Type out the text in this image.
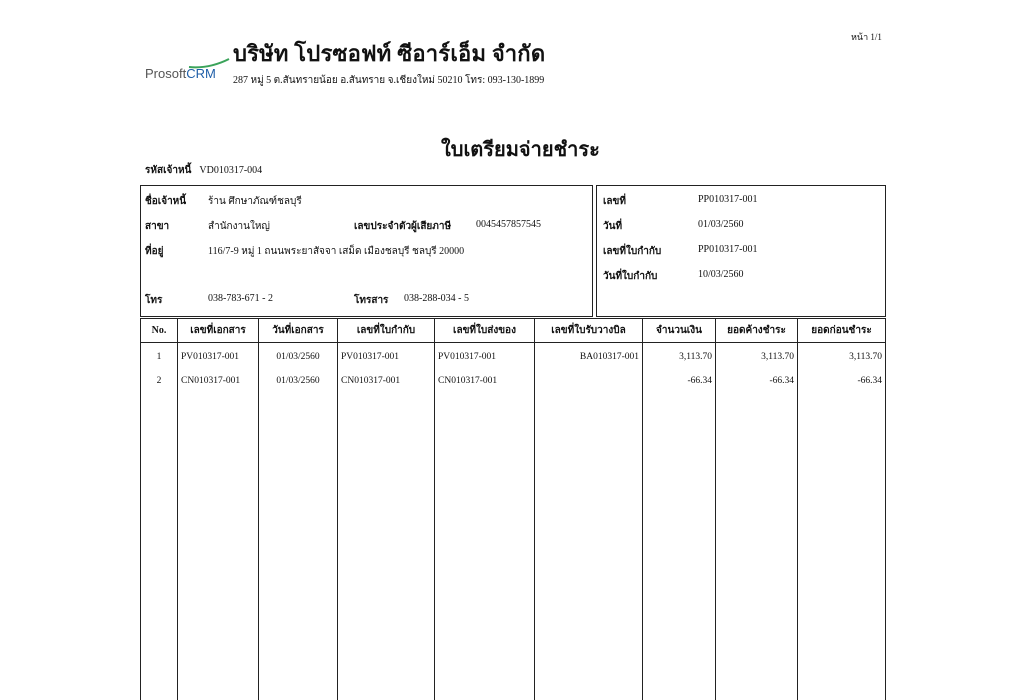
หน้า 1/1
บริษัท โปรซอฟท์ ซีอาร์เอ็ม จำกัด
ProsoftCRM 287 หมู่ 5 ต.สันทรายน้อย อ.สันทราย จ.เชียงใหม่ 50210 โทร: 093-130-1899
ใบเตรียมจ่ายชำระ
รหัสเจ้าหนี้ VD010317-004
ชื่อเจ้าหนี้ ร้าน ศึกษาภัณฑ์ชลบุรี
สาขา	สำนักงานใหญ่	เลขประจำตัวผู้เสียภาษี 0045457857545
ที่อยู่	116/7-9 หมู่ 1 ถนนพระยาสัจจา เสม็ด เมืองชลบุรี ชลบุรี 20000
โทร	038-783-671 - 2	โทรสาร 038-288-034 - 5
เลขที่	PP010317-001
วันที่	01/03/2560
เลขที่ใบกำกับ	PP010317-001
วันที่ใบกำกับ	10/03/2560
No.	เลขที่เอกสาร	วันที่เอกสาร	เลขที่ใบกำกับ	เลขที่ใบส่งของ	เลขที่ใบรับวางบิล	จำนวนเงิน	ยอดค้างชำระ	ยอดก่อนชำระ
1	PV010317-001	01/03/2560	PV010317-001	PV010317-001	BA010317-001	3,113.70	3,113.70	3,113.70
2	CN010317-001	01/03/2560	CN010317-001	CN010317-001		-66.34	-66.34	-66.34
